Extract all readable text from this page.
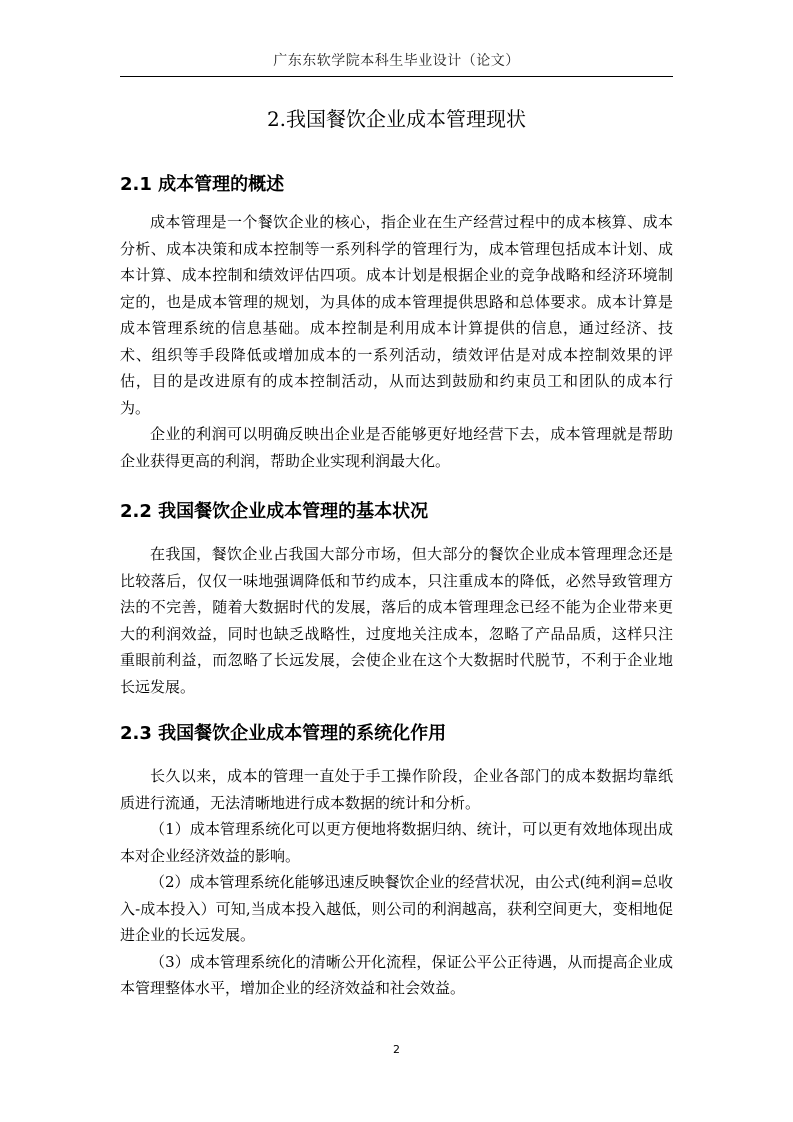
广东东软学院本科生毕业设计（论文）
2.我国餐饮企业成本管理现状
2.1 成本管理的概述

成本管理是一个餐饮企业的核心，指企业在生产经营过程中的成本核算、成本分析、成本决策和成本控制等一系列科学的管理行为，成本管理包括成本计划、成本计算、成本控制和绩效评估四项。成本计划是根据企业的竞争战略和经济环境制定的，也是成本管理的规划，为具体的成本管理提供思路和总体要求。成本计算是成本管理系统的信息基础。成本控制是利用成本计算提供的信息，通过经济、技术、组织等手段降低或增加成本的一系列活动，绩效评估是对成本控制效果的评估，目的是改进原有的成本控制活动，从而达到鼓励和约束员工和团队的成本行为。

企业的利润可以明确反映出企业是否能够更好地经营下去，成本管理就是帮助企业获得更高的利润，帮助企业实现利润最大化。

2.2 我国餐饮企业成本管理的基本状况

在我国，餐饮企业占我国大部分市场，但大部分的餐饮企业成本管理理念还是比较落后，仅仅一味地强调降低和节约成本，只注重成本的降低，必然导致管理方法的不完善，随着大数据时代的发展，落后的成本管理理念已经不能为企业带来更大的利润效益，同时也缺乏战略性，过度地关注成本，忽略了产品品质，这样只注重眼前利益，而忽略了长远发展，会使企业在这个大数据时代脱节，不利于企业地长远发展。

2.3 我国餐饮企业成本管理的系统化作用

长久以来，成本的管理一直处于手工操作阶段，企业各部门的成本数据均靠纸质进行流通，无法清晰地进行成本数据的统计和分析。

（1）成本管理系统化可以更方便地将数据归纳、统计，可以更有效地体现出成本对企业经济效益的影响。

（2）成本管理系统化能够迅速反映餐饮企业的经营状况，由公式(纯利润=总收入-成本投入）可知,当成本投入越低，则公司的利润越高，获利空间更大，变相地促进企业的长远发展。

（3）成本管理系统化的清晰公开化流程，保证公平公正待遇，从而提高企业成本管理整体水平，增加企业的经济效益和社会效益。

2
